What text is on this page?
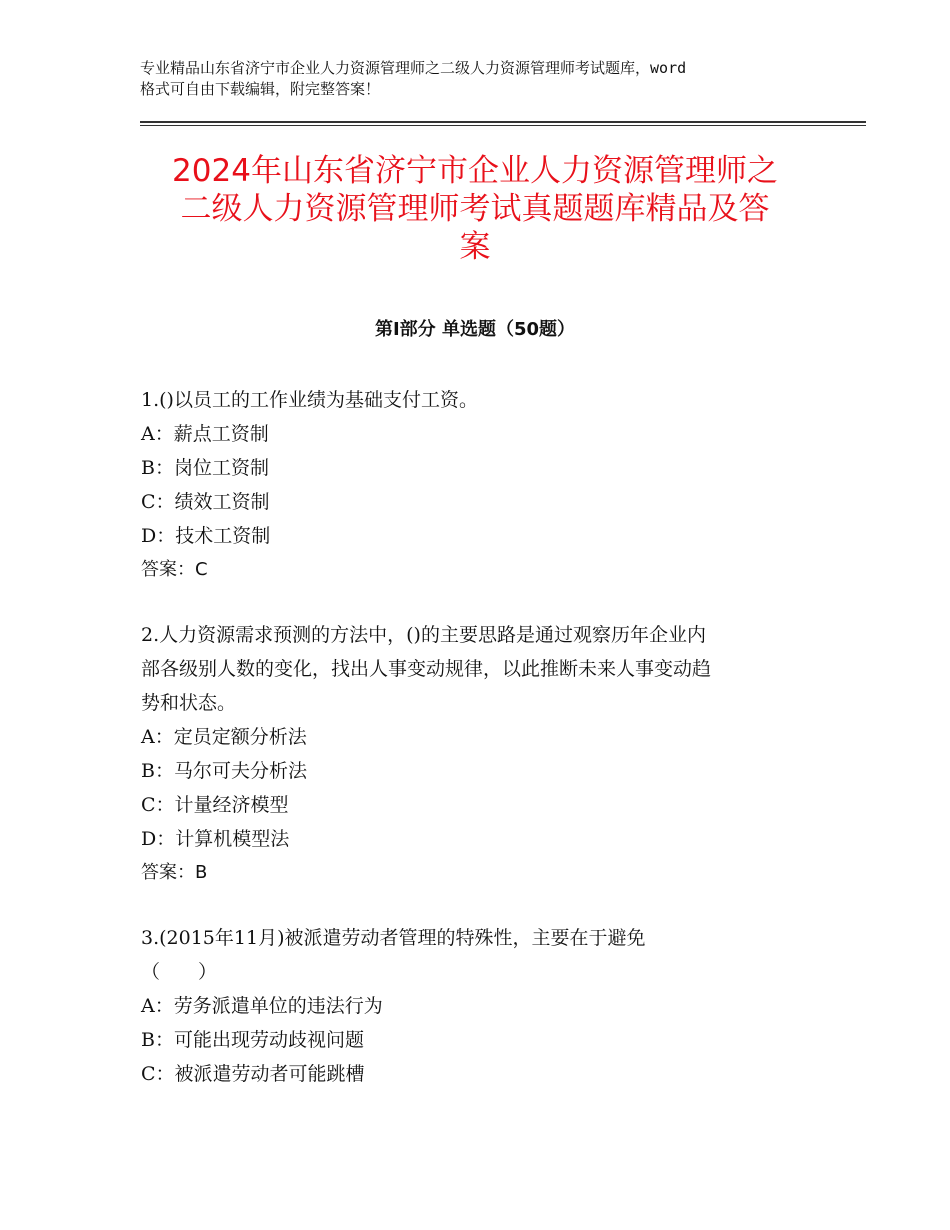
专业精品山东省济宁市企业人力资源管理师之二级人力资源管理师考试题库，word
格式可自由下载编辑，附完整答案！
2024年山东省济宁市企业人力资源管理师之
二级人力资源管理师考试真题题库精品及答
案
第Ⅰ部分 单选题（50题）
1.()以员工的工作业绩为基础支付工资。
A：薪点工资制
B：岗位工资制
C：绩效工资制
D：技术工资制
答案：C
2.人力资源需求预测的方法中，()的主要思路是通过观察历年企业内
部各级别人数的变化，找出人事变动规律，以此推断未来人事变动趋
势和状态。
A：定员定额分析法
B：马尔可夫分析法
C：计量经济模型
D：计算机模型法
答案：B
3.(2015年11月)被派遣劳动者管理的特殊性，主要在于避免
（　　）
A：劳务派遣单位的违法行为
B：可能出现劳动歧视问题
C：被派遣劳动者可能跳槽
